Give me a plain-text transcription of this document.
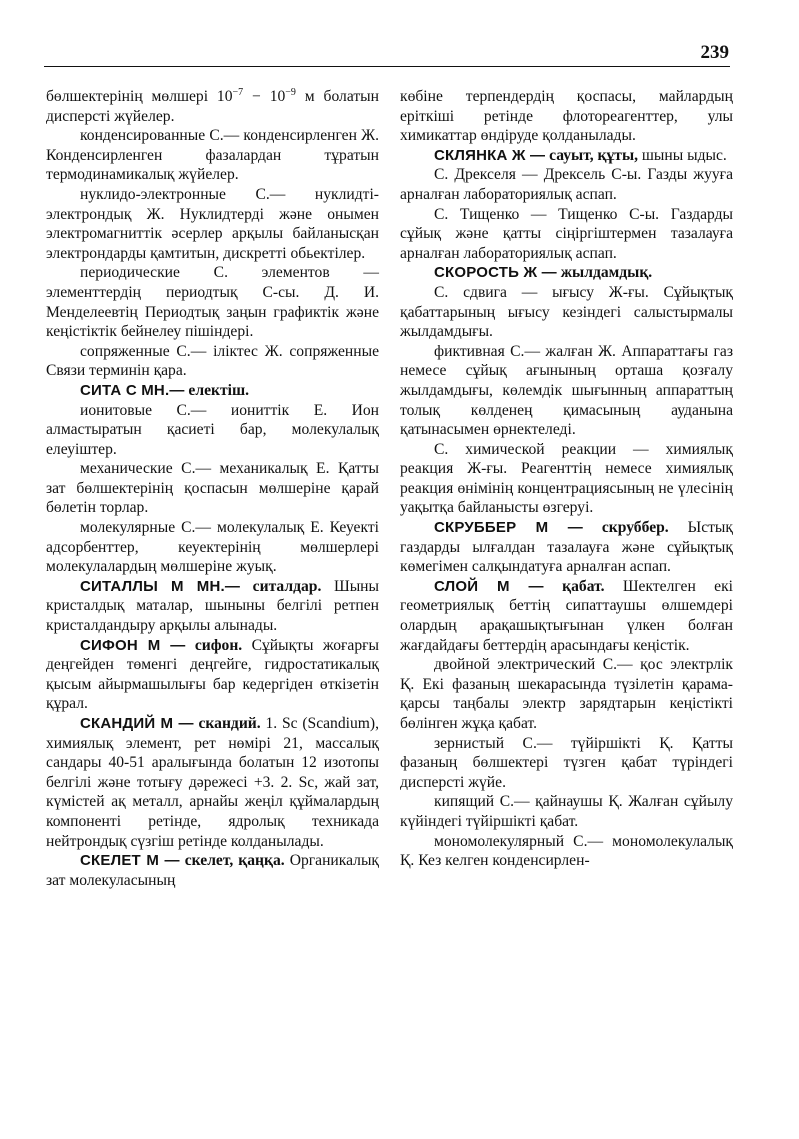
239

бөлшектерінің мөлшері $10^{-7} - 10^{-9}$ м болатын дисперсті жүйелер.

конденсированные С.— конденсирленген Ж. Конденсирленген фазалардан тұратын термодинамикалық жүйелер.

нуклидо-электронные С.— нуклидті-электрондық Ж. Нуклидтерді және онымен электромагниттік әсерлер арқылы байланысқан электрондарды қамтитын, дискретті обьектілер.

периодические С. элементов — элементтердің периодтық С-сы. Д. И. Менделеевтің Периодтық заңын графиктік және кеңістіктік бейнелеу пішіндері.

сопряженные С.— іліктес Ж. сопряженные Связи терминін қара.

СИТА С МН.— електіш.

ионитовые С.— иониттік Е. Ион алмастыратын қасиеті бар, молекулалық елеуіштер.

механические С.— механикалық Е. Қатты зат бөлшектерінің қоспасын мөлшеріне қарай бөлетін торлар.

молекулярные С.— молекулалық Е. Кеуекті адсорбенттер, кеуектерінің мөлшерлері молекулалардың мөлшеріне жуық.

СИТАЛЛЫ М МН.— ситалдар. Шыны кристалдық маталар, шыныны белгілі ретпен кристалдандыру арқылы алынады.

СИФОН М — сифон. Сұйықты жоғарғы деңгейден төменгі деңгейге, гидростатикалық қысым айырмашылығы бар кедергіден өткізетін құрал.

СКАНДИЙ М — скандий. 1. Sc (Scandium), химиялық элемент, рет нөмірі 21, массалық сандары 40-51 аралығында болатын 12 изотопы белгілі және тотығу дәрежесі +3. 2. Sc, жай зат, күмістей ақ металл, арнайы жеңіл құймалардың компоненті ретінде, ядролық техникада нейтрондық сүзгіш ретінде колданылады.

СКЕЛЕТ М — скелет, қаңқа. Органикалық зат молекуласының

көбіне терпендердің қоспасы, майлардың еріткіші ретінде флотореагенттер, улы химикаттар өндіруде қолданылады.

СКЛЯНКА Ж — сауыт, құты, шыны ыдыс.

С. Дрекселя — Дрексель С-ы. Газды жууға арналған лабораториялық аспап.

С. Тищенко — Тищенко С-ы. Газдарды сұйық және қатты сіңіргіштермен тазалауға арналған лабораториялық аспап.

СКОРОСТЬ Ж — жылдамдық.

С. сдвига — ығысу Ж-ғы. Сұйықтық қабаттарының ығысу кезіндегі салыстырмалы жылдамдығы.

фиктивная С.— жалған Ж. Аппараттағы газ немесе сұйық ағынының орташа қозғалу жылдамдығы, көлемдік шығынның аппараттың толық көлденең қимасының ауданына қатынасымен өрнектеледі.

С. химической реакции — химиялық реакция Ж-ғы. Реагенттің немесе химиялық реакция өнімінің концентрациясының не үлесінің уақытқа байланысты өзгеруі.

СКРУББЕР М — скруббер. Ыстық газдарды ылғалдан тазалауға және сұйықтық көмегімен салқындатуға арналған аспап.

СЛОЙ М — қабат. Шектелген екі геометриялық беттің сипаттаушы өлшемдері олардың арақашықтығынан үлкен болған жағдайдағы беттердің арасындағы кеңістік.

двойной электрический С.— қос электрлік Қ. Екі фазаның шекарасында түзілетін қарама-қарсы таңбалы электр зарядтарын кеңістікті бөлінген жұқа қабат.

зернистый С.— түйіршікті Қ. Қатты фазаның бөлшектері түзген қабат түріндегі дисперсті жүйе.

кипящий С.— қайнаушы Қ. Жалған сұйылу күйіндегі түйіршікті қабат.

мономолекулярный С.— мономолекулалық Қ. Кез келген конденсирлен-
